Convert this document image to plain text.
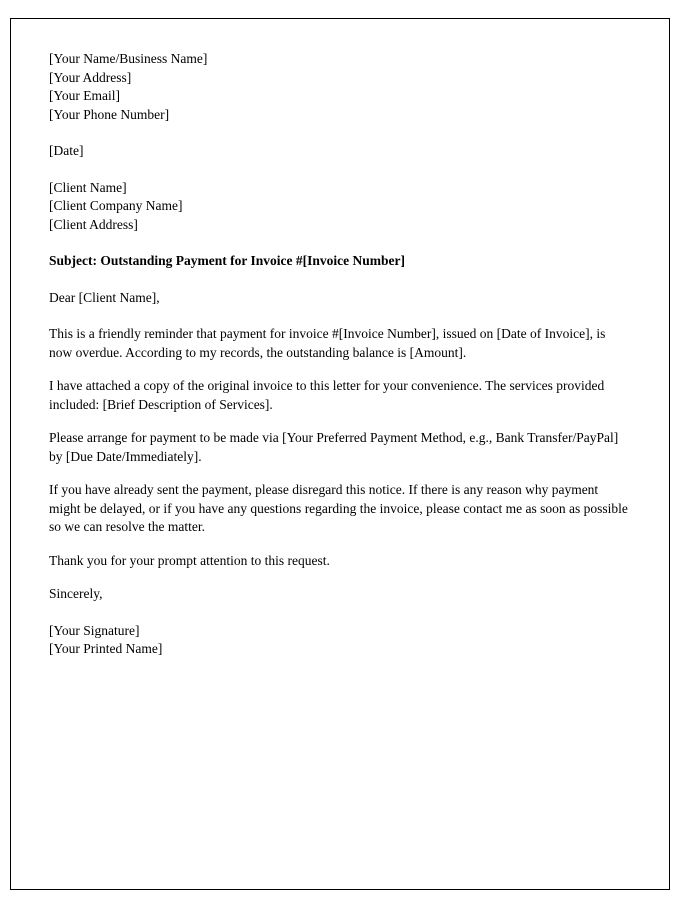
[Your Name/Business Name]
[Your Address]
[Your Email]
[Your Phone Number]
[Date]
[Client Name]
[Client Company Name]
[Client Address]
Subject: Outstanding Payment for Invoice #[Invoice Number]
Dear [Client Name],

This is a friendly reminder that payment for invoice #[Invoice Number], issued on [Date of Invoice], is now overdue. According to my records, the outstanding balance is [Amount].

I have attached a copy of the original invoice to this letter for your convenience. The services provided included: [Brief Description of Services].

Please arrange for payment to be made via [Your Preferred Payment Method, e.g., Bank Transfer/PayPal] by [Due Date/Immediately].

If you have already sent the payment, please disregard this notice. If there is any reason why payment might be delayed, or if you have any questions regarding the invoice, please contact me as soon as possible so we can resolve the matter.

Thank you for your prompt attention to this request.

Sincerely,
[Your Signature]
[Your Printed Name]
